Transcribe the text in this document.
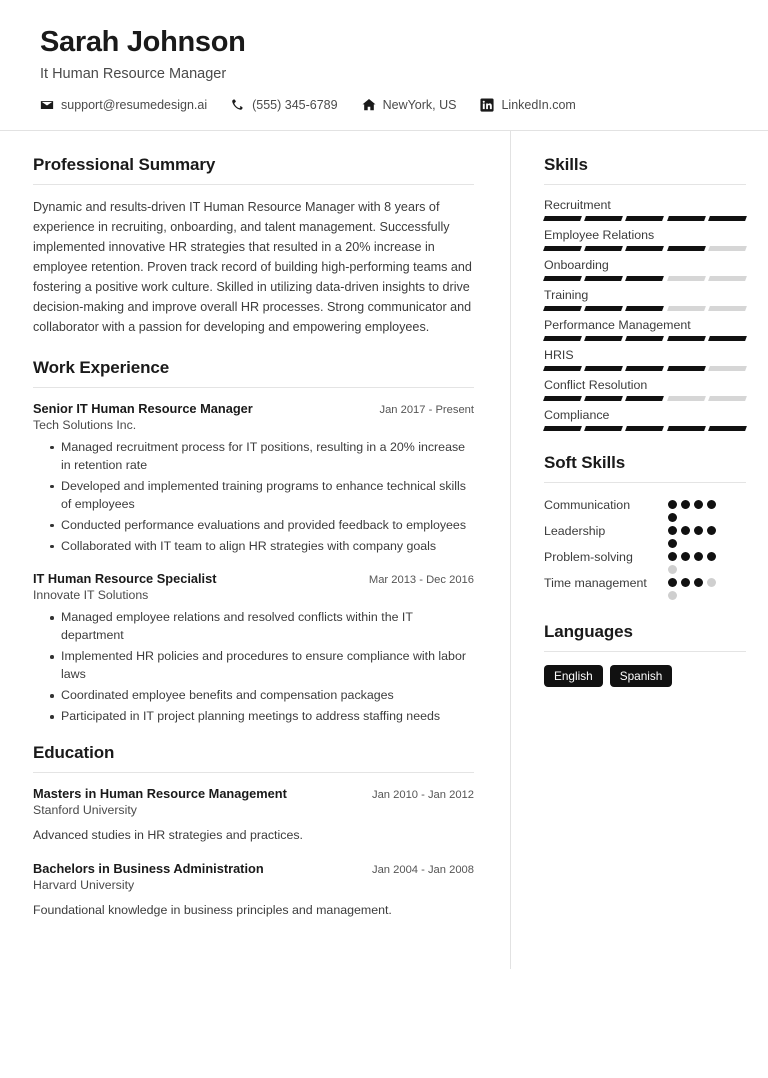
Sarah Johnson
It Human Resource Manager
support@resumedesign.ai	(555) 345-6789	NewYork, US	LinkedIn.com
Professional Summary
Dynamic and results-driven IT Human Resource Manager with 8 years of experience in recruiting, onboarding, and talent management. Successfully implemented innovative HR strategies that resulted in a 20% increase in employee retention. Proven track record of building high-performing teams and fostering a positive work culture. Skilled in utilizing data-driven insights to drive decision-making and improve overall HR processes. Strong communicator and collaborator with a passion for developing and empowering employees.
Work Experience
Senior IT Human Resource Manager	Jan 2017 - Present
Tech Solutions Inc.
Managed recruitment process for IT positions, resulting in a 20% increase in retention rate
Developed and implemented training programs to enhance technical skills of employees
Conducted performance evaluations and provided feedback to employees
Collaborated with IT team to align HR strategies with company goals
IT Human Resource Specialist	Mar 2013 - Dec 2016
Innovate IT Solutions
Managed employee relations and resolved conflicts within the IT department
Implemented HR policies and procedures to ensure compliance with labor laws
Coordinated employee benefits and compensation packages
Participated in IT project planning meetings to address staffing needs
Education
Masters in Human Resource Management	Jan 2010 - Jan 2012
Stanford University
Advanced studies in HR strategies and practices.
Bachelors in Business Administration	Jan 2004 - Jan 2008
Harvard University
Foundational knowledge in business principles and management.
Skills
Recruitment
Employee Relations
Onboarding
Training
Performance Management
HRIS
Conflict Resolution
Compliance
Soft Skills
Communication
Leadership
Problem-solving
Time management
Languages
English	Spanish
